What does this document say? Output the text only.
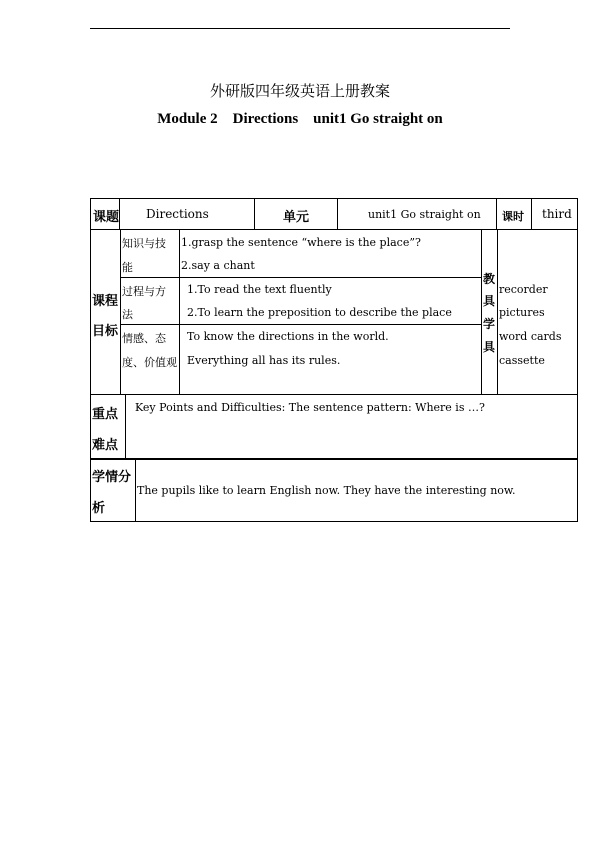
外研版四年级英语上册教案
Module 2    Directions    unit1 Go straight on
课题 Directions	单元	unit1 Go straight on 课时 third
课程
目标
知识与技
能
1.grasp the sentence “where is the place”?
2.say a chant
过程与方
法
1.To read the text fluently
2.To learn the preposition to describe the place
情感、态
度、价值观
To know the directions in the world.
Everything all has its rules.
教
具
学
具
recorder
pictures
word cards
cassette
重点
难点
Key Points and Difficulties: The sentence pattern: Where is …?
学情分
析
The pupils like to learn English now. They have the interesting now.
